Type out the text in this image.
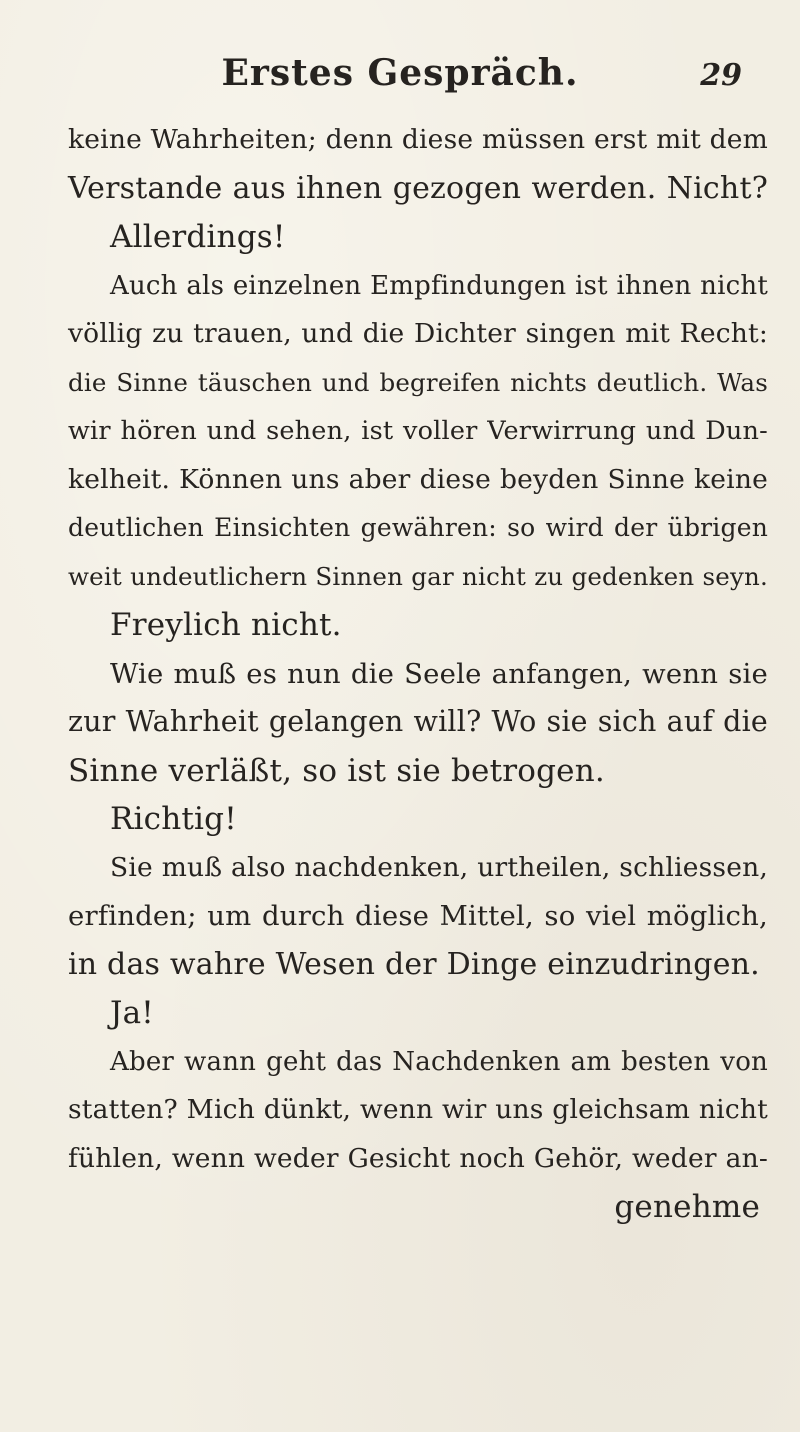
Erstes Gespräch.	29
keine Wahrheiten; denn diese müssen erst mit dem
Verstande aus ihnen gezogen werden. Nicht?
Allerdings!
Auch als einzelnen Empfindungen ist ihnen nicht
völlig zu trauen, und die Dichter singen mit Recht:
die Sinne täuschen und begreifen nichts deutlich. Was
wir hören und sehen, ist voller Verwirrung und Dun-
kelheit. Können uns aber diese beyden Sinne keine
deutlichen Einsichten gewähren: so wird der übrigen
weit undeutlichern Sinnen gar nicht zu gedenken seyn.
Freylich nicht.
Wie muß es nun die Seele anfangen, wenn sie
zur Wahrheit gelangen will? Wo sie sich auf die
Sinne verläßt, so ist sie betrogen.
Richtig!
Sie muß also nachdenken, urtheilen, schliessen,
erfinden; um durch diese Mittel, so viel möglich,
in das wahre Wesen der Dinge einzudringen.
Ja!
Aber wann geht das Nachdenken am besten von
statten? Mich dünkt, wenn wir uns gleichsam nicht
fühlen, wenn weder Gesicht noch Gehör, weder an-
genehme
